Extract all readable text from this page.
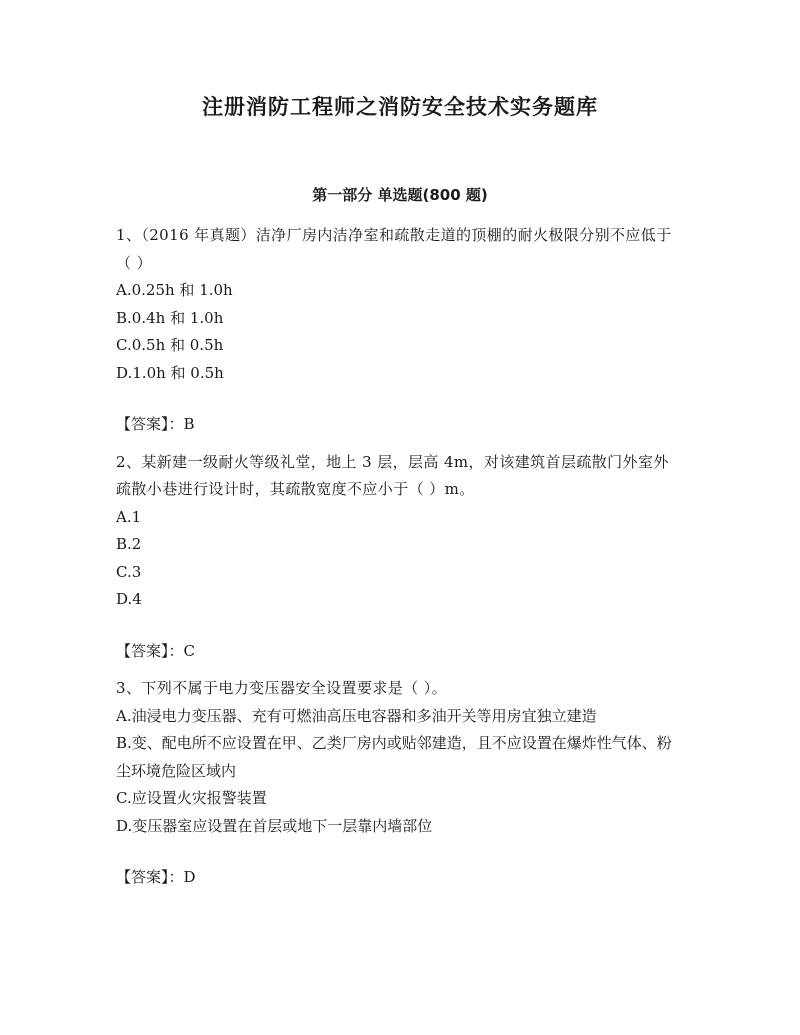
注册消防工程师之消防安全技术实务题库
第一部分 单选题(800 题)

1、（2016 年真题）洁净厂房内洁净室和疏散走道的顶棚的耐火极限分别不应低于（ ）

A.0.25h 和 1.0h

B.0.4h 和 1.0h

C.0.5h 和 0.5h

D.1.0h 和 0.5h

【答案】：B

2、某新建一级耐火等级礼堂，地上 3 层，层高 4m，对该建筑首层疏散门外室外疏散小巷进行设计时，其疏散宽度不应小于（ ）m。

A.1

B.2

C.3

D.4

【答案】：C

3、下列不属于电力变压器安全设置要求是（ ）。

A.油浸电力变压器、充有可燃油高压电容器和多油开关等用房宜独立建造

B.变、配电所不应设置在甲、乙类厂房内或贴邻建造，且不应设置在爆炸性气体、粉尘环境危险区域内

C.应设置火灾报警装置

D.变压器室应设置在首层或地下一层靠内墙部位

【答案】：D
